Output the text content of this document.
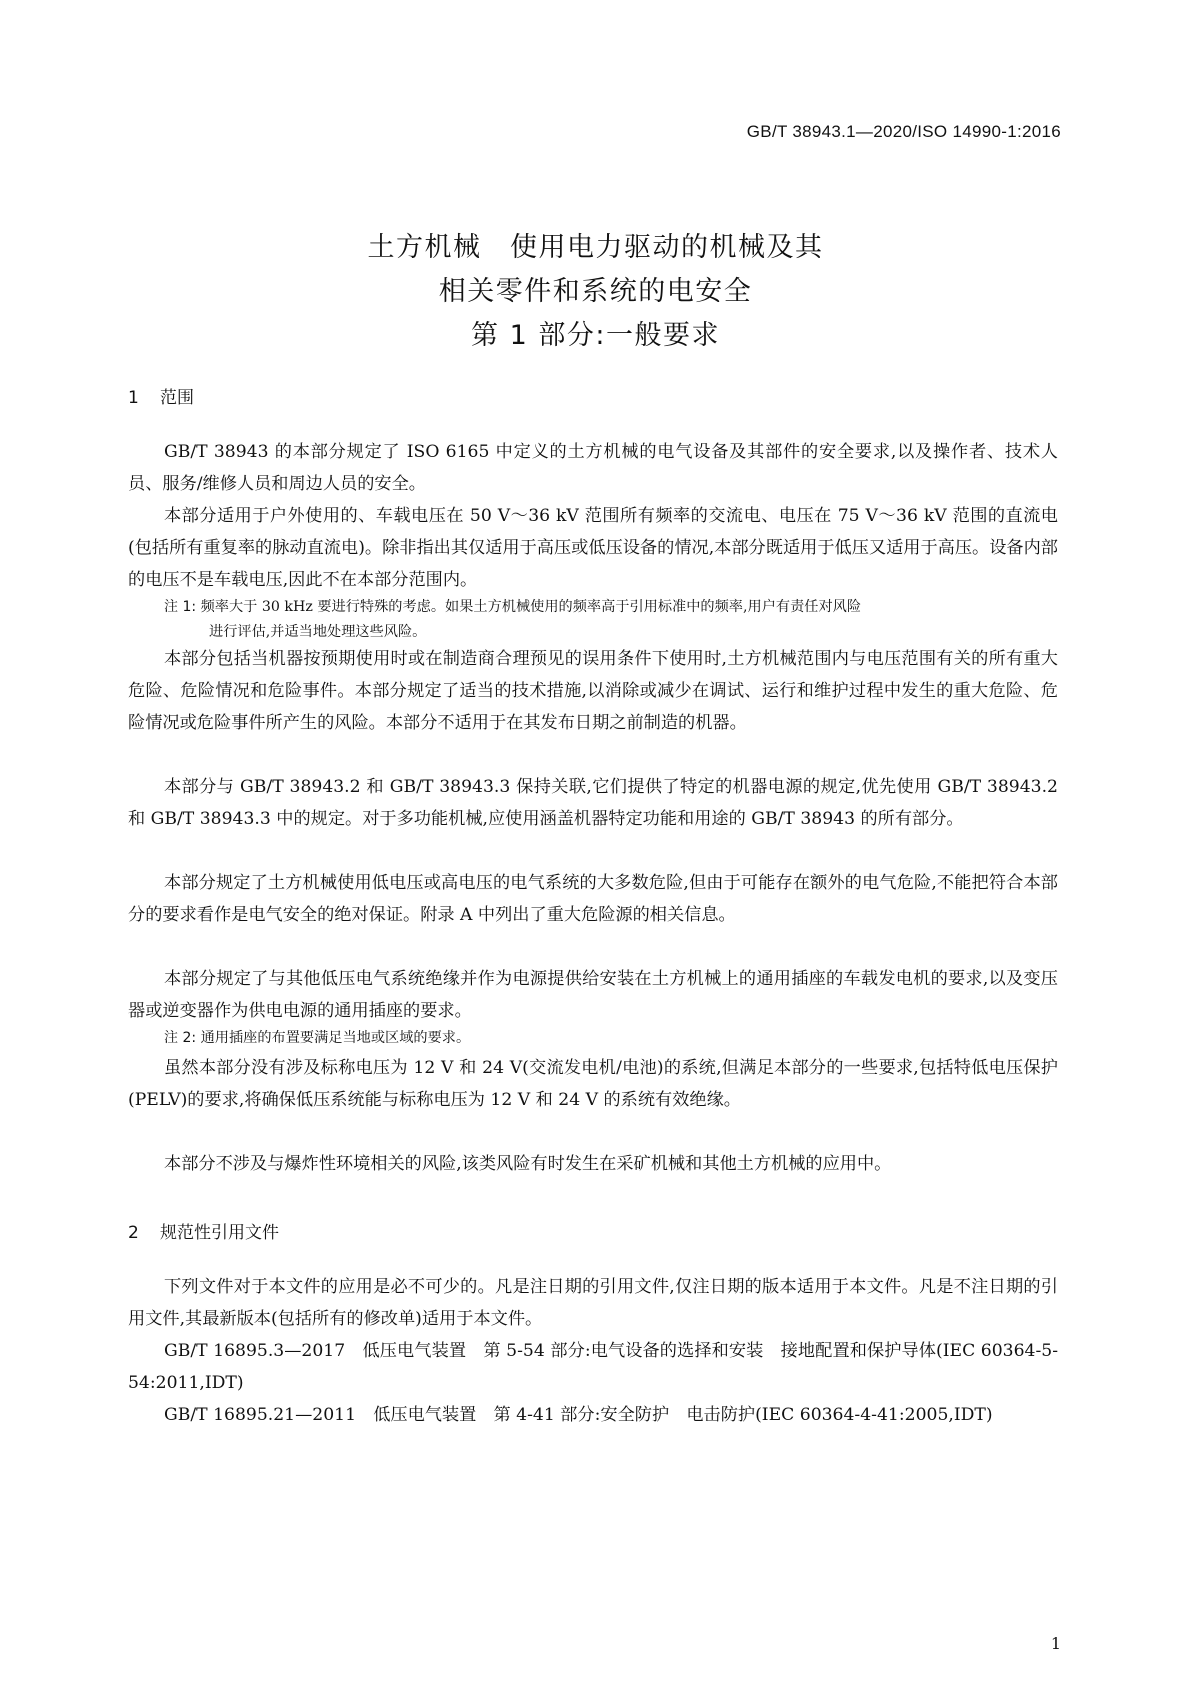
GB/T 38943.1—2020/ISO 14990-1:2016
土方机械　使用电力驱动的机械及其
相关零件和系统的电安全
第 1 部分:一般要求
1 范围

GB/T 38943 的本部分规定了 ISO 6165 中定义的土方机械的电气设备及其部件的安全要求,以及操作者、技术人员、服务/维修人员和周边人员的安全。

本部分适用于户外使用的、车载电压在 50 V～36 kV 范围所有频率的交流电、电压在 75 V～36 kV 范围的直流电(包括所有重复率的脉动直流电)。除非指出其仅适用于高压或低压设备的情况,本部分既适用于低压又适用于高压。设备内部的电压不是车载电压,因此不在本部分范围内。

注 1: 频率大于 30 kHz 要进行特殊的考虑。如果土方机械使用的频率高于引用标准中的频率,用户有责任对风险
进行评估,并适当地处理这些风险。

本部分包括当机器按预期使用时或在制造商合理预见的误用条件下使用时,土方机械范围内与电压范围有关的所有重大危险、危险情况和危险事件。本部分规定了适当的技术措施,以消除或减少在调试、运行和维护过程中发生的重大危险、危险情况或危险事件所产生的风险。本部分不适用于在其发布日期之前制造的机器。

本部分与 GB/T 38943.2 和 GB/T 38943.3 保持关联,它们提供了特定的机器电源的规定,优先使用 GB/T 38943.2 和 GB/T 38943.3 中的规定。对于多功能机械,应使用涵盖机器特定功能和用途的 GB/T 38943 的所有部分。

本部分规定了土方机械使用低电压或高电压的电气系统的大多数危险,但由于可能存在额外的电气危险,不能把符合本部分的要求看作是电气安全的绝对保证。附录 A 中列出了重大危险源的相关信息。

本部分规定了与其他低压电气系统绝缘并作为电源提供给安装在土方机械上的通用插座的车载发电机的要求,以及变压器或逆变器作为供电电源的通用插座的要求。

注 2: 通用插座的布置要满足当地或区域的要求。

虽然本部分没有涉及标称电压为 12 V 和 24 V(交流发电机/电池)的系统,但满足本部分的一些要求,包括特低电压保护(PELV)的要求,将确保低压系统能与标称电压为 12 V 和 24 V 的系统有效绝缘。

本部分不涉及与爆炸性环境相关的风险,该类风险有时发生在采矿机械和其他土方机械的应用中。

2 规范性引用文件

下列文件对于本文件的应用是必不可少的。凡是注日期的引用文件,仅注日期的版本适用于本文件。凡是不注日期的引用文件,其最新版本(包括所有的修改单)适用于本文件。

GB/T 16895.3—2017　低压电气装置　第 5-54 部分:电气设备的选择和安装　接地配置和保护导体(IEC 60364-5-54:2011,IDT)

GB/T 16895.21—2011　低压电气装置　第 4-41 部分:安全防护　电击防护(IEC 60364-4-41:2005,IDT)

1
